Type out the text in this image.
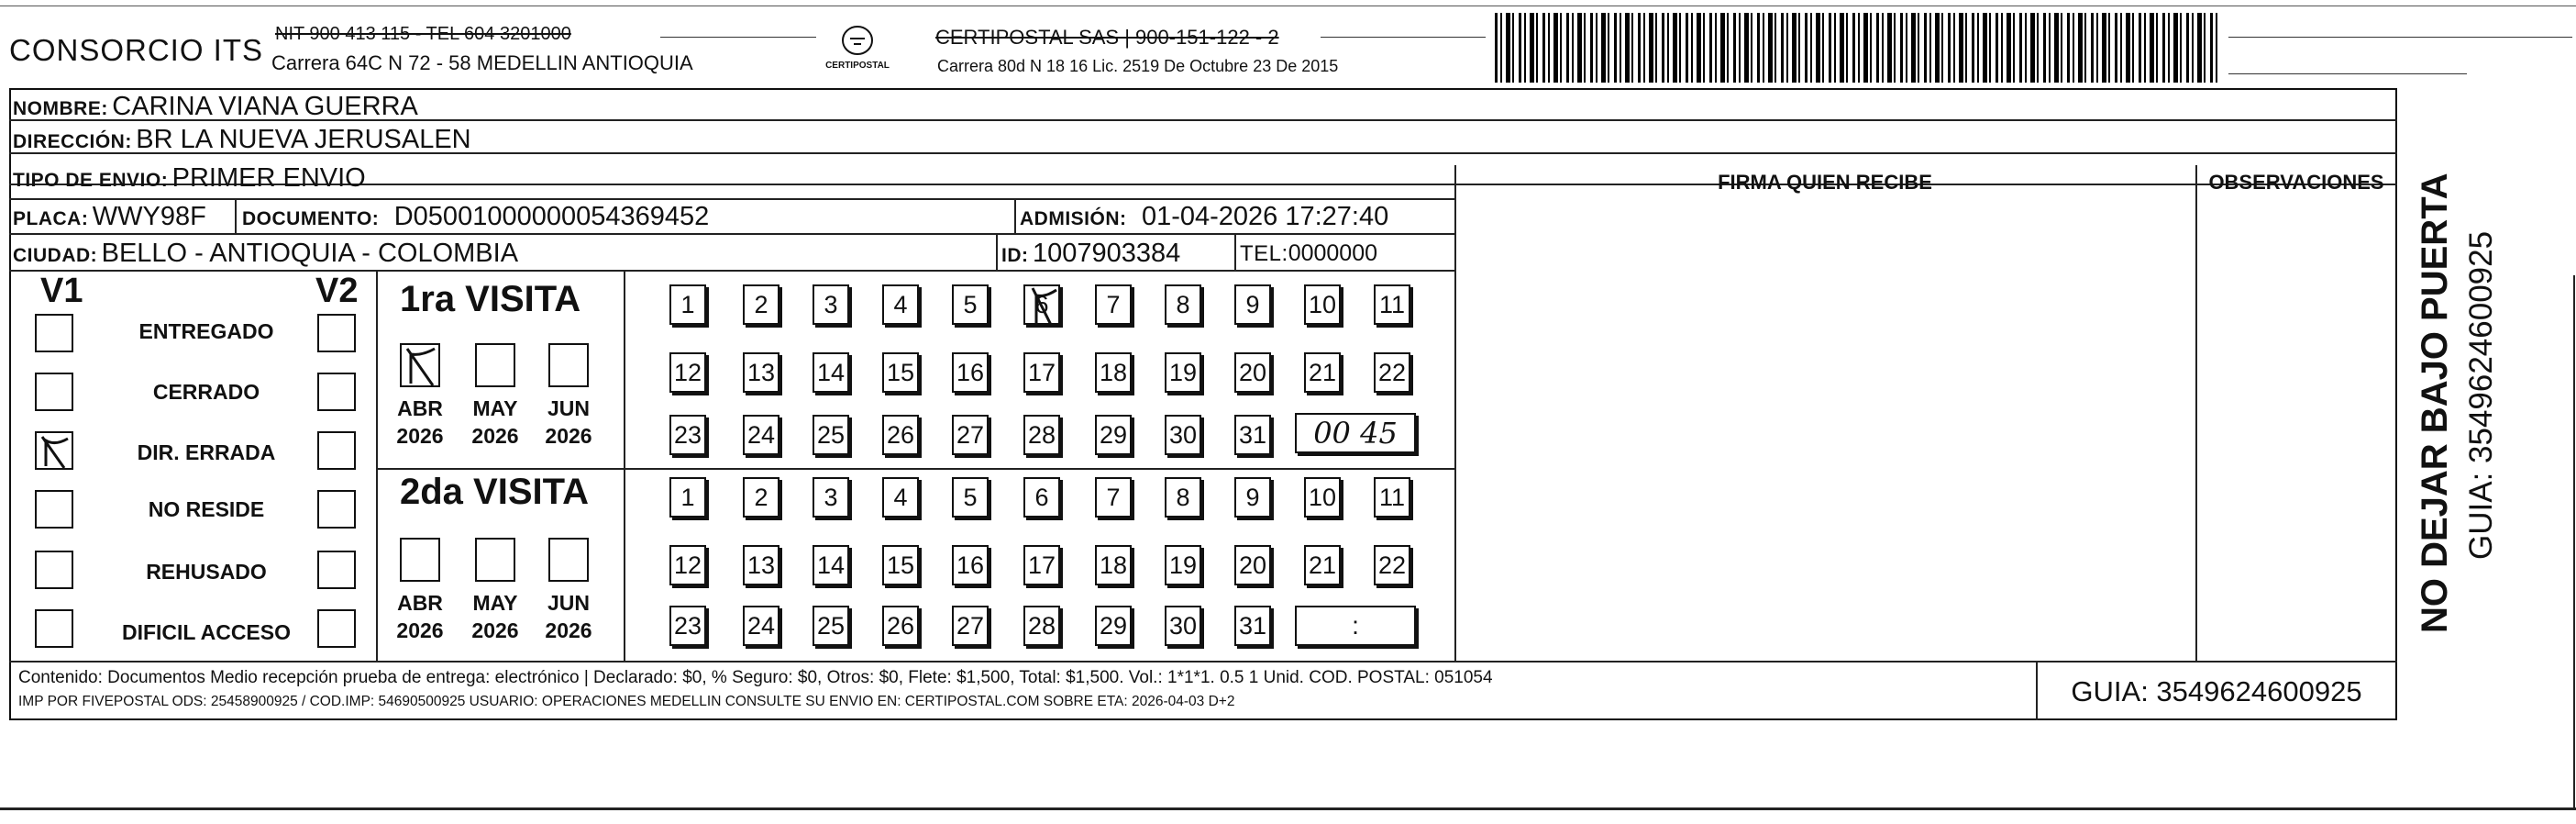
CONSORCIO ITS NIT 900 413 115 - TEL 604 3201000
Carrera 64C N 72 - 58 MEDELLIN ANTIOQUIA	CERTIPOSTAL
CERTIPOSTAL SAS | 900-151-122 - 2
Carrera 80d N 18 16 Lic. 2519 De Octubre 23 De 2015
NOMBRE: CARINA VIANA GUERRA
DIRECCIÓN: BR LA NUEVA JERUSALEN
TIPO DE ENVIO: PRIMER ENVIO	FIRMA QUIEN RECIBE	OBSERVACIONES
PLACA: WWY98F DOCUMENTO: D05001000000054369452	ADMISIÓN: 01-04-2026 17:27:40
CIUDAD: BELLO - ANTIOQUIA - COLOMBIA	ID: 1007903384	TEL:0000000
V1	V2
ENTREGADO
CERRADO
DIR. ERRADA
NO RESIDE
REHUSADO
DIFICIL ACCESO
1ra VISITA
ABR
2026
MAY
2026
JUN
2026
2da VISITA
ABR
2026
MAY
2026
JUN
2026
1	2	3	4	5	6	7	8	9	10 11
12 13 14 15 16 17 18 19 20 21 22
23 24 25 26 27 28 29 30 31
1	2	3	4	5	6	7	8	9	10 11
12 13 14 15 16 17 18 19 20 21 22
23 24 25 26 27 28 29 30 31
00 45
:
Contenido: Documentos Medio recepción prueba de entrega: electrónico | Declarado: $0, % Seguro: $0, Otros: $0, Flete: $1,500, Total: $1,500. Vol.: 1*1*1. 0.5 1 Unid. COD. POSTAL: 051054
IMP POR FIVEPOSTAL ODS: 25458900925 / COD.IMP: 54690500925 USUARIO: OPERACIONES MEDELLIN CONSULTE SU ENVIO EN: CERTIPOSTAL.COM SOBRE ETA: 2026-04-03 D+2	GUIA: 3549624600925
NO DEJAR BAJO PUERTA GUIA: 3549624600925
